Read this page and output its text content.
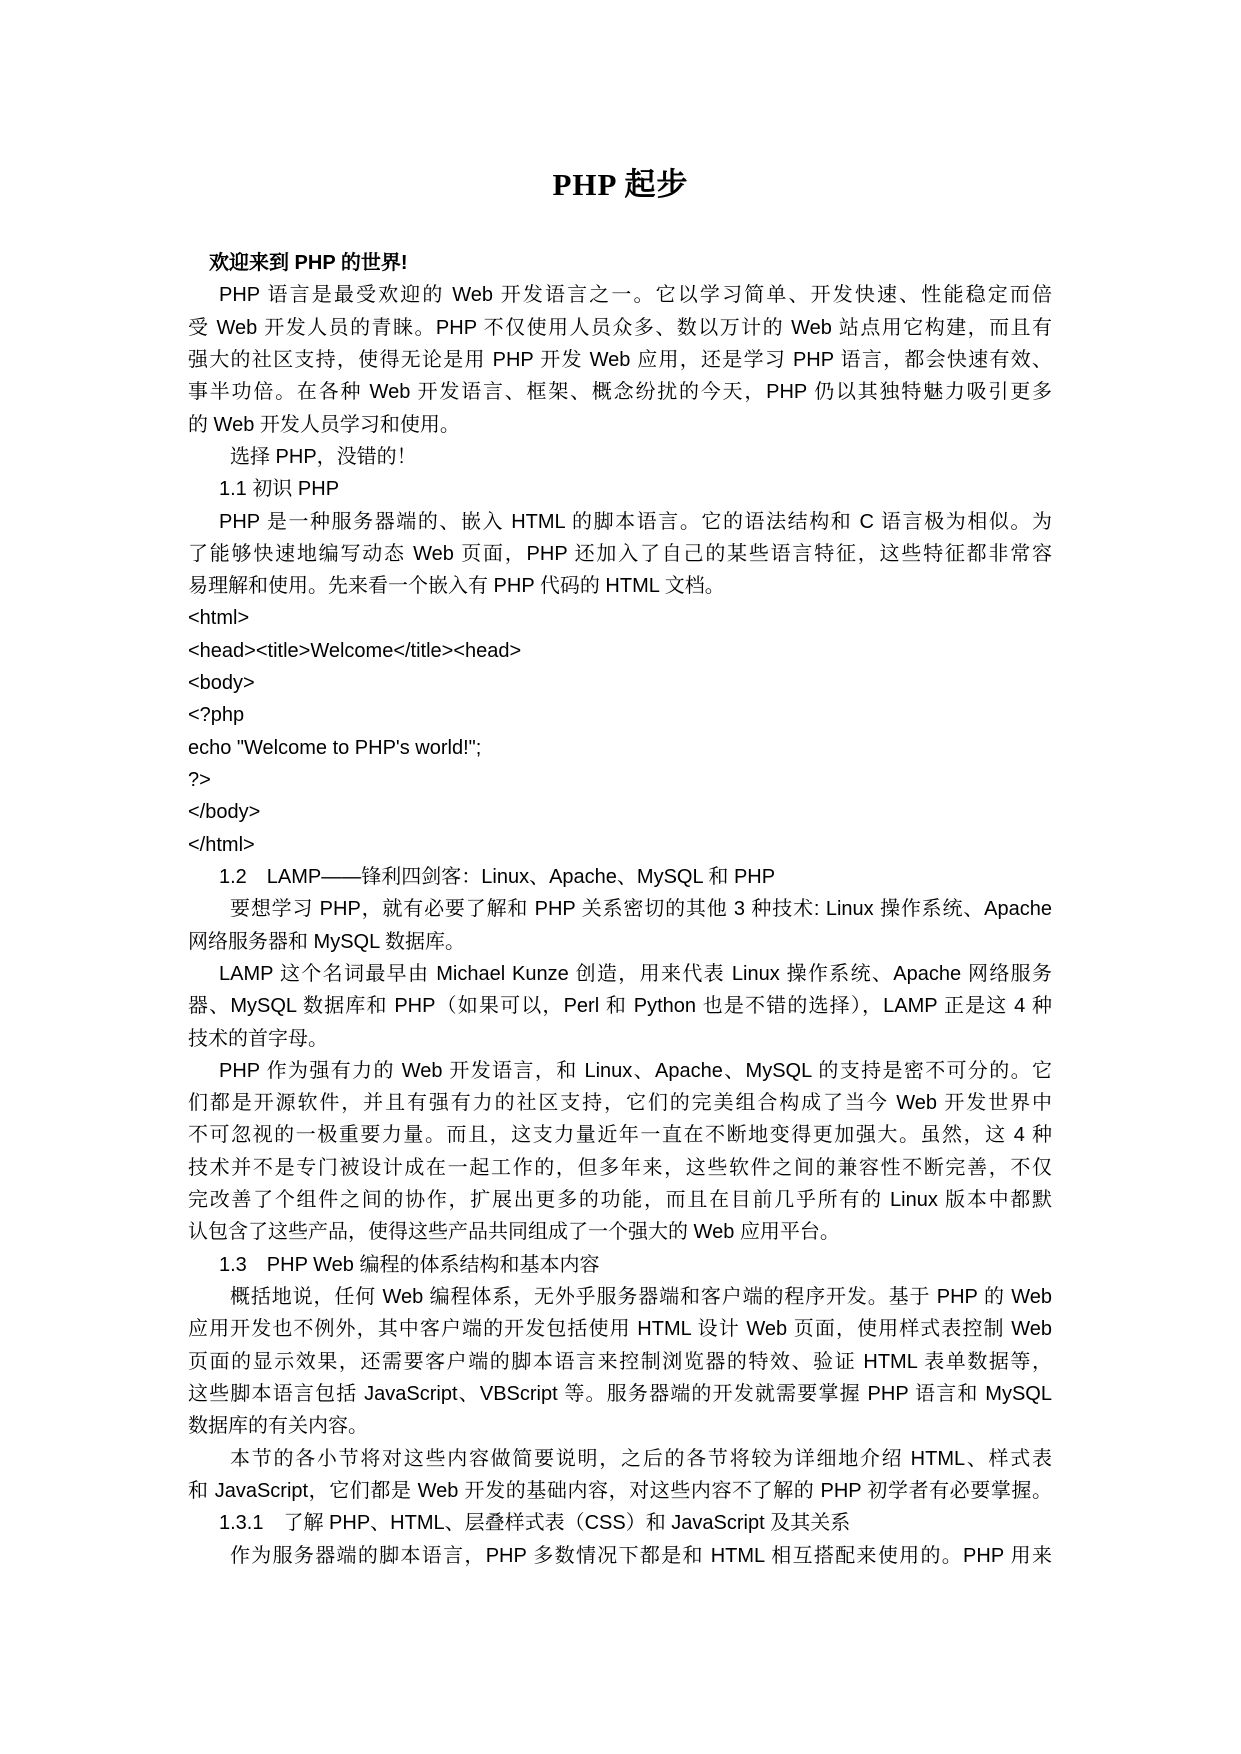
PHP 起步
欢迎来到 PHP 的世界!
PHP 语言是最受欢迎的 Web 开发语言之一。它以学习简单、开发快速、性能稳定而倍
受 Web 开发人员的青睐。PHP 不仅使用人员众多、数以万计的 Web 站点用它构建，而且有
强大的社区支持，使得无论是用 PHP 开发 Web 应用，还是学习 PHP 语言，都会快速有效、
事半功倍。在各种 Web 开发语言、框架、概念纷扰的今天，PHP 仍以其独特魅力吸引更多
的 Web 开发人员学习和使用。
选择 PHP，没错的！
1.1 初识 PHP
PHP 是一种服务器端的、嵌入 HTML 的脚本语言。它的语法结构和 C 语言极为相似。为
了能够快速地编写动态 Web 页面，PHP 还加入了自己的某些语言特征，这些特征都非常容
易理解和使用。先来看一个嵌入有 PHP 代码的 HTML 文档。
<html>
<head><title>Welcome</title><head>
<body>
<?php
echo "Welcome to PHP's world!";
?>
</body>
</html>
1.2　LAMP——锋利四剑客：Linux、Apache、MySQL 和 PHP
要想学习 PHP，就有必要了解和 PHP 关系密切的其他 3 种技术: Linux 操作系统、Apache
网络服务器和 MySQL 数据库。
LAMP 这个名词最早由 Michael Kunze 创造，用来代表 Linux 操作系统、Apache 网络服务
器、MySQL 数据库和 PHP（如果可以，Perl 和 Python 也是不错的选择），LAMP 正是这 4 种
技术的首字母。
PHP 作为强有力的 Web 开发语言，和 Linux、Apache、MySQL 的支持是密不可分的。它
们都是开源软件，并且有强有力的社区支持，它们的完美组合构成了当今 Web 开发世界中
不可忽视的一极重要力量。而且，这支力量近年一直在不断地变得更加强大。虽然，这 4 种
技术并不是专门被设计成在一起工作的，但多年来，这些软件之间的兼容性不断完善，不仅
完改善了个组件之间的协作，扩展出更多的功能，而且在目前几乎所有的 Linux 版本中都默
认包含了这些产品，使得这些产品共同组成了一个强大的 Web 应用平台。
1.3　PHP Web 编程的体系结构和基本内容
概括地说，任何 Web 编程体系，无外乎服务器端和客户端的程序开发。基于 PHP 的 Web
应用开发也不例外，其中客户端的开发包括使用 HTML 设计 Web 页面，使用样式表控制 Web
页面的显示效果，还需要客户端的脚本语言来控制浏览器的特效、验证 HTML 表单数据等，
这些脚本语言包括 JavaScript、VBScript 等。服务器端的开发就需要掌握 PHP 语言和 MySQL
数据库的有关内容。
本节的各小节将对这些内容做简要说明，之后的各节将较为详细地介绍 HTML、样式表
和 JavaScript，它们都是 Web 开发的基础内容，对这些内容不了解的 PHP 初学者有必要掌握。
1.3.1　了解 PHP、HTML、层叠样式表（CSS）和 JavaScript 及其关系
作为服务器端的脚本语言，PHP 多数情况下都是和 HTML 相互搭配来使用的。PHP 用来
